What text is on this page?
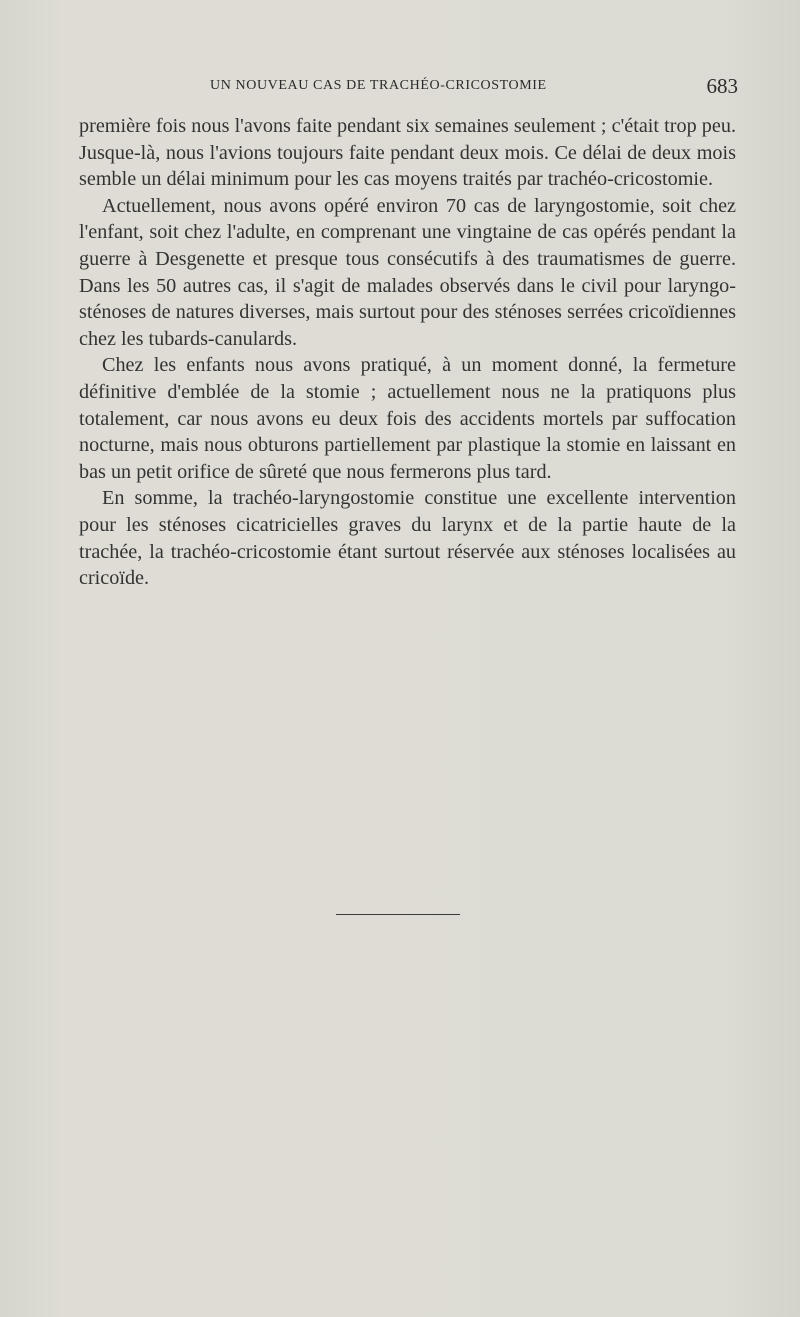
UN NOUVEAU CAS DE TRACHÉO-CRICOSTOMIE	683

première fois nous l'avons faite pendant six semaines seulement ; c'était trop peu. Jusque-là, nous l'avions toujours faite pendant deux mois. Ce délai de deux mois semble un délai minimum pour les cas moyens traités par trachéo-cricostomie.

Actuellement, nous avons opéré environ 70 cas de laryngostomie, soit chez l'enfant, soit chez l'adulte, en comprenant une vingtaine de cas opérés pendant la guerre à Desgenette et presque tous consécutifs à des traumatismes de guerre. Dans les 50 autres cas, il s'agit de malades observés dans le civil pour laryngo-sténoses de natures diverses, mais surtout pour des sténoses serrées cricoïdiennes chez les tubards-canulards.

Chez les enfants nous avons pratiqué, à un moment donné, la fermeture définitive d'emblée de la stomie ; actuellement nous ne la pratiquons plus totalement, car nous avons eu deux fois des accidents mortels par suffocation nocturne, mais nous obturons partiellement par plastique la stomie en laissant en bas un petit orifice de sûreté que nous fermerons plus tard.

En somme, la trachéo-laryngostomie constitue une excellente intervention pour les sténoses cicatricielles graves du larynx et de la partie haute de la trachée, la trachéo-cricostomie étant surtout réservée aux sténoses localisées au cricoïde.
